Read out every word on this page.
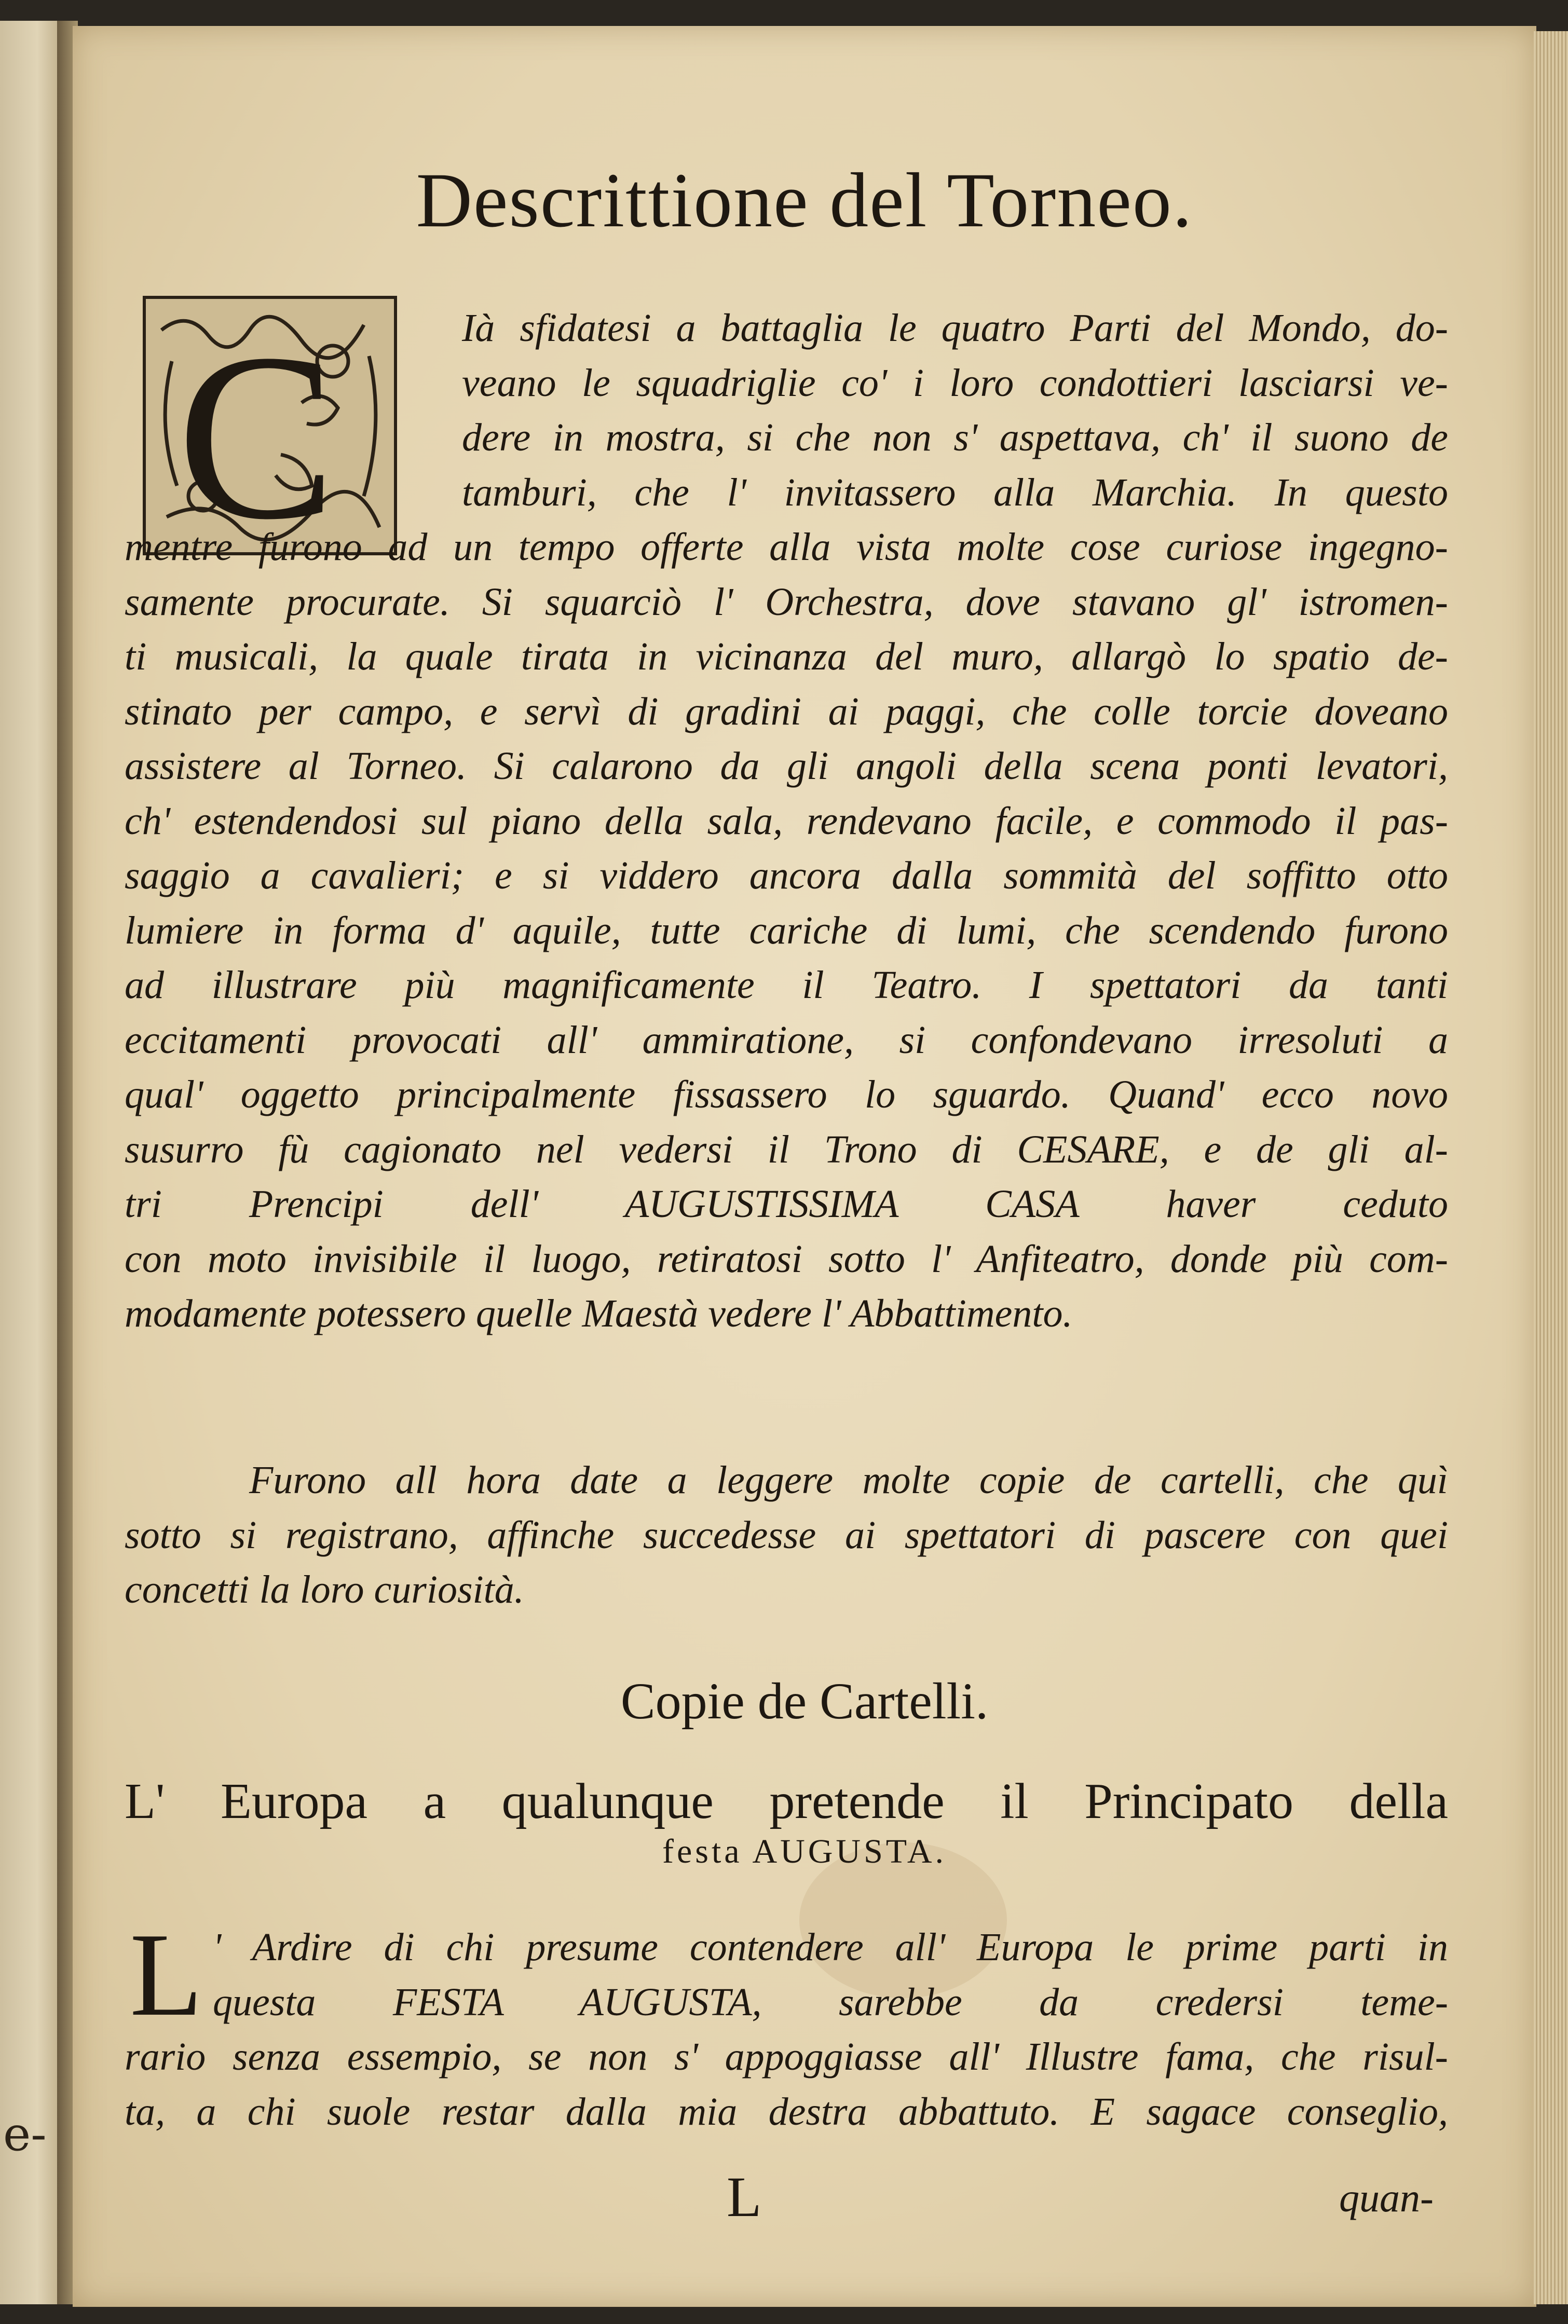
e-
Descrittione del Torneo.
C	Ià sfidatesi a battaglia le quatro Parti del Mondo, do-
veano le squadriglie co' i loro condottieri lasciarsi ve-
dere in mostra, si che non s' aspettava, ch' il suono de
tamburi, che l' invitassero alla Marchia. In questo
mentre furono ad un tempo offerte alla vista molte cose curiose ingegno-
samente procurate. Si squarciò l' Orchestra, dove stavano gl' istromen-
ti musicali, la quale tirata in vicinanza del muro, allargò lo spatio de-
stinato per campo, e servì di gradini ai paggi, che colle torcie doveano
assistere al Torneo. Si calarono da gli angoli della scena ponti levatori,
ch' estendendosi sul piano della sala, rendevano facile, e commodo il pas-
saggio a cavalieri; e si viddero ancora dalla sommità del soffitto otto
lumiere in forma d' aquile, tutte cariche di lumi, che scendendo furono
ad illustrare più magnificamente il Teatro. I spettatori da tanti
eccitamenti provocati all' ammiratione, si confondevano irresoluti a
qual' oggetto principalmente fissassero lo sguardo. Quand' ecco novo
susurro fù cagionato nel vedersi il Trono di CESARE, e de gli al-
tri Prencipi dell' AUGUSTISSIMA CASA haver ceduto
con moto invisibile il luogo, retiratosi sotto l' Anfiteatro, donde più com-
modamente potessero quelle Maestà vedere l' Abbattimento.
Furono all hora date a leggere molte copie de cartelli, che quì
sotto si registrano, affinche succedesse ai spettatori di pascere con quei
concetti la loro curiosità.
Copie de Cartelli.
L' Europa a qualunque pretende il Principato della
festa AUGUSTA.
L ' Ardire di chi presume contendere all' Europa le prime parti in
questa FESTA AUGUSTA, sarebbe da credersi teme-
rario senza essempio, se non s' appoggiasse all' Illustre fama, che risul-
ta, a chi suole restar dalla mia destra abbattuto. E sagace conseglio,
L	quan-
